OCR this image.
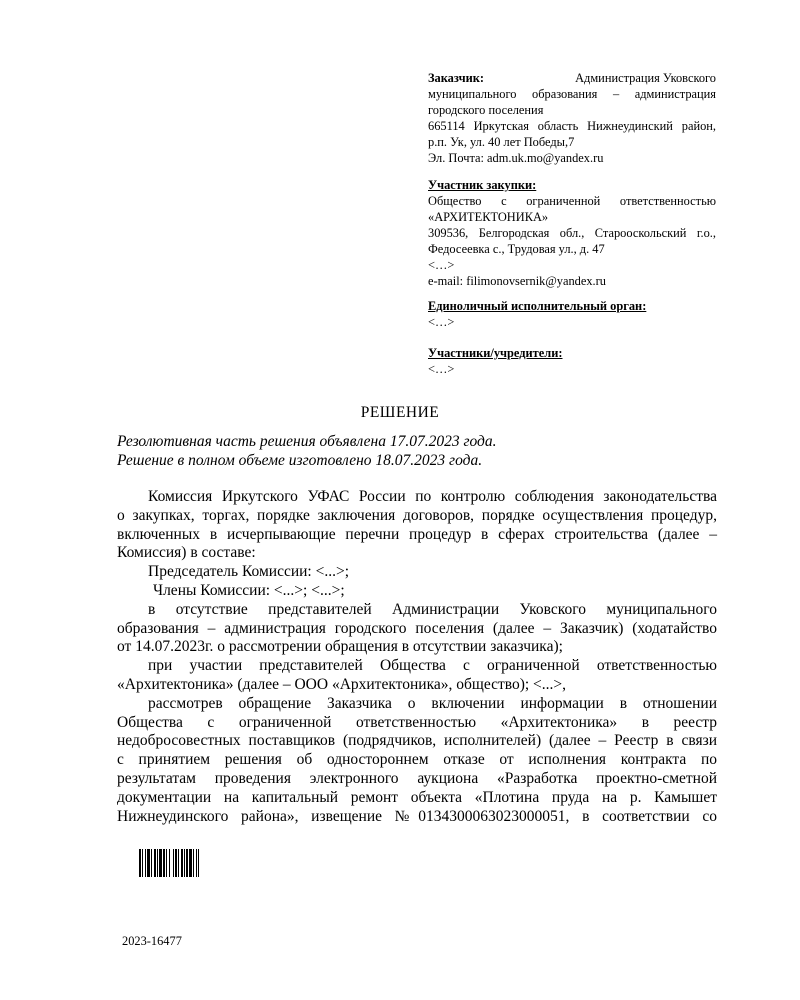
Заказчик:	Администрация Уковского
муниципального образования – администрация
городского поселения
665114 Иркутская область Нижнеудинский район,
р.п. Ук, ул. 40 лет Победы,7
Эл. Почта: adm.uk.mo@yandex.ru
Участник закупки:
Общество с ограниченной ответственностью
«АРХИТЕКТОНИКА»
309536, Белгородская обл., Старооскольский г.о.,
Федосеевка с., Трудовая ул., д. 47
<…>
e-mail: filimonovsernik@yandex.ru
Единоличный исполнительный орган:
<…>
Участники/учредители:
<…>
РЕШЕНИЕ
Резолютивная часть решения объявлена 17.07.2023 года.
Решение в полном объеме изготовлено 18.07.2023 года.
Комиссия Иркутского УФАС России по контролю соблюдения законодательства
о закупках, торгах, порядке заключения договоров, порядке осуществления процедур,
включенных в исчерпывающие перечни процедур в сферах строительства (далее –
Комиссия) в составе:
Председатель Комиссии: <...>;
Члены Комиссии: <...>; <...>;
в отсутствие представителей Администрации Уковского муниципального
образования – администрация городского поселения (далее – Заказчик) (ходатайство
от 14.07.2023г. о рассмотрении обращения в отсутствии заказчика);
при участии представителей Общества с ограниченной ответственностью
«Архитектоника» (далее – ООО «Архитектоника», общество); <...>,
рассмотрев обращение Заказчика о включении информации в отношении
Общества с ограниченной ответственностью «Архитектоника» в реестр
недобросовестных поставщиков (подрядчиков, исполнителей) (далее – Реестр в связи
с принятием решения об одностороннем отказе от исполнения контракта по
результатам проведения электронного аукциона «Разработка проектно-сметной
документации на капитальный ремонт объекта «Плотина пруда на р. Камышет
Нижнеудинского района», извещение №0134300063023000051, в соответствии со
2023-16477
